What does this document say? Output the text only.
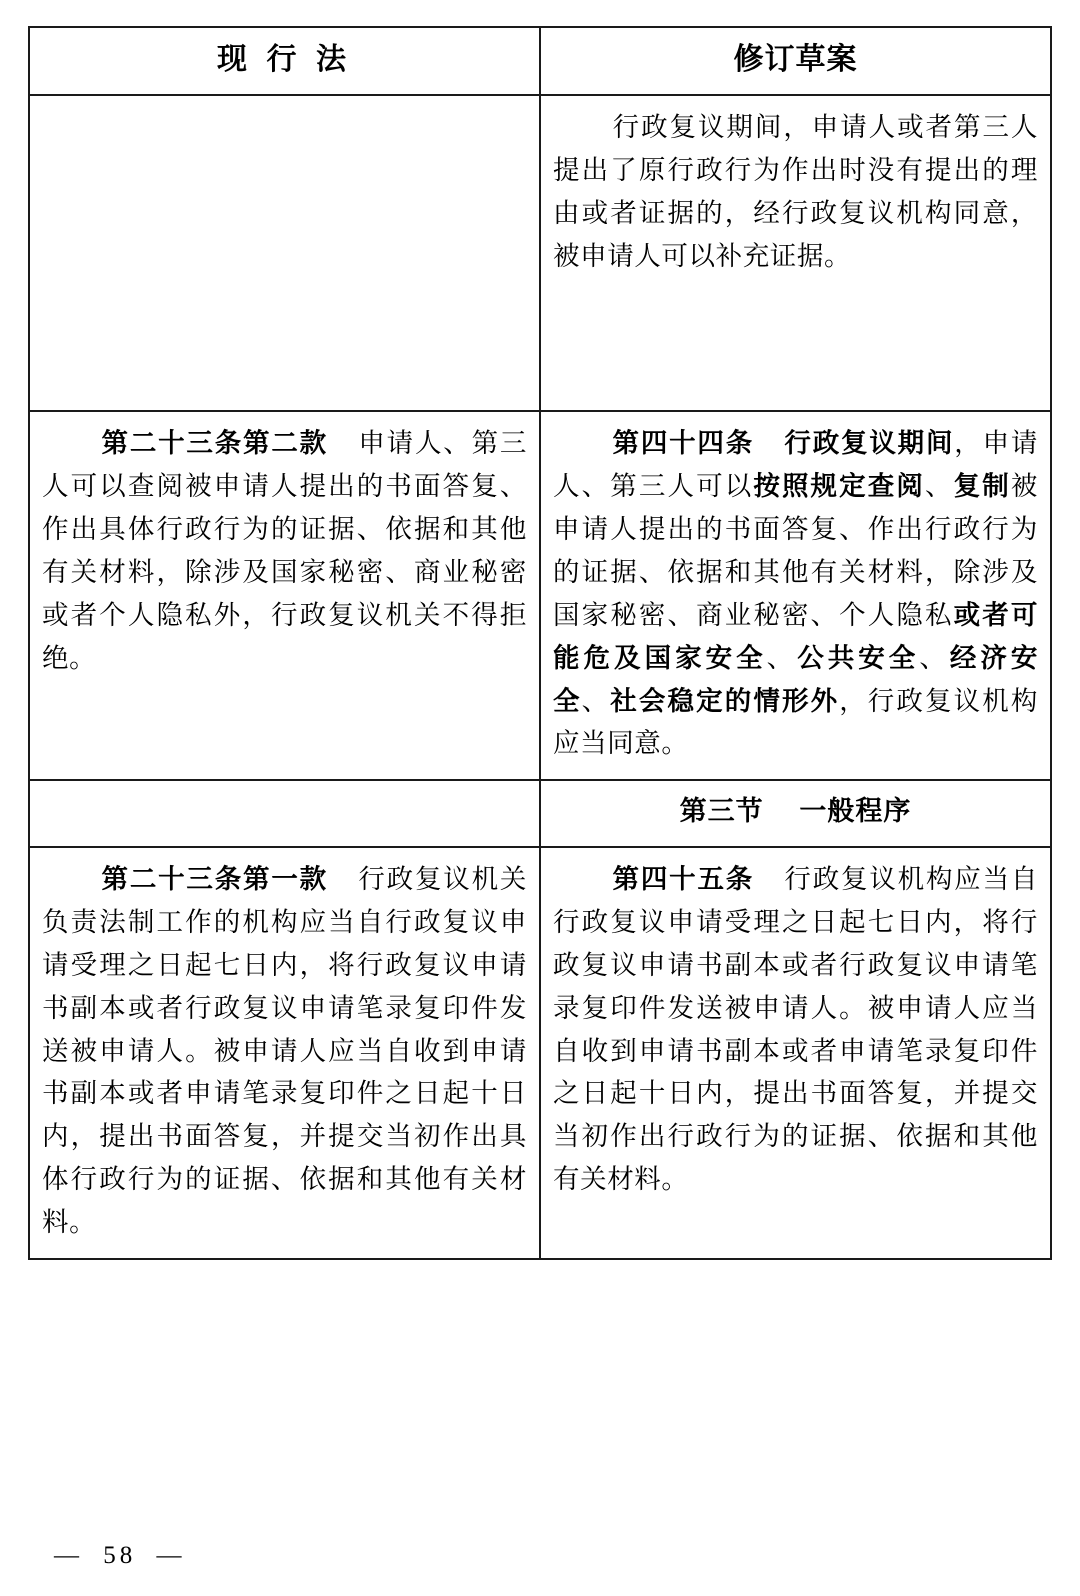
现 行 法	修订草案

	行政复议期间，申请人或者第三人提出了原行政行为作出时没有提出的理由或者证据的，经行政复议机构同意，被申请人可以补充证据。

第二十三条第二款 申请人、第三人可以查阅被申请人提出的书面答复、作出具体行政行为的证据、依据和其他有关材料，除涉及国家秘密、商业秘密或者个人隐私外，行政复议机关不得拒绝。	第四十四条 行政复议期间，申请人、第三人可以按照规定查阅、复制被申请人提出的书面答复、作出行政行为的证据、依据和其他有关材料，除涉及国家秘密、商业秘密、个人隐私或者可能危及国家安全、公共安全、经济安全、社会稳定的情形外，行政复议机构应当同意。

	第三节　 一般程序

第二十三条第一款 行政复议机关负责法制工作的机构应当自行政复议申请受理之日起七日内，将行政复议申请书副本或者行政复议申请笔录复印件发送被申请人。被申请人应当自收到申请书副本或者申请笔录复印件之日起十日内，提出书面答复，并提交当初作出具体行政行为的证据、依据和其他有关材料。	第四十五条 行政复议机构应当自行政复议申请受理之日起七日内，将行政复议申请书副本或者行政复议申请笔录复印件发送被申请人。被申请人应当自收到申请书副本或者申请笔录复印件之日起十日内，提出书面答复，并提交当初作出行政行为的证据、依据和其他有关材料。
— 58 —
